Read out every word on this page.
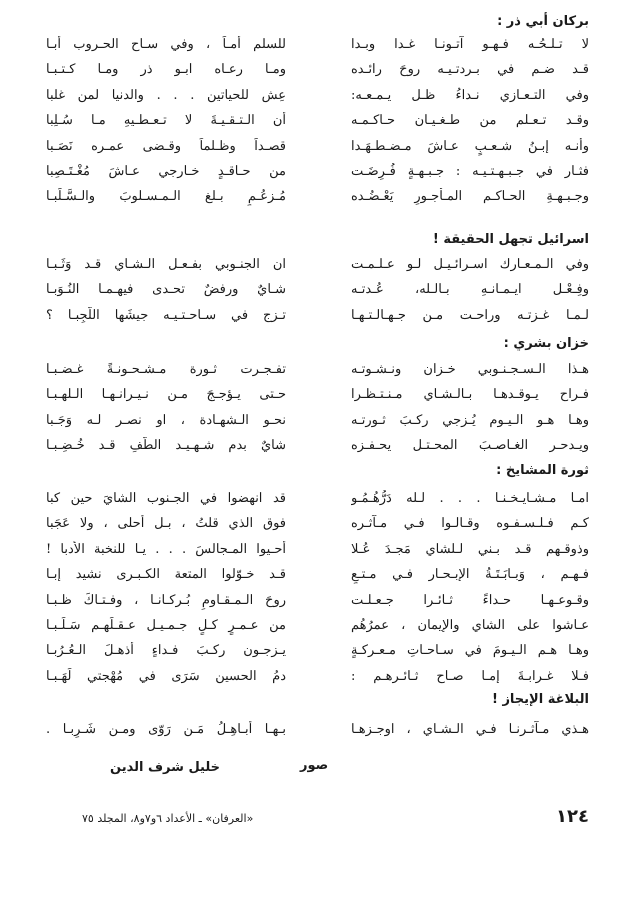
بركان أبي ذر :
لا تـلـحُـه فـهـو آتـونـا غـدا وبـدا
للسلم أمـاً ، وفي سـاح الحـروب أبـا
قـد ضـم في بـردتـيـه روحَ رائـده
ومـا رعـاه ابـو ذر ومـا كـتـبـا
وفي التـعـازي نـداءُ ظـل يـمـعـه:
عِش للحياتين . . . والدنيا لمن غلبا
وقـد تـعـلم من طـغـيـان حـاكـمـه
أن الـتـقـيـةَ لا تـعـطـيهِ مـا سُـلِبا
وأنـه إبـنُ شـعـبٍ عـاشَ مـضـطـهَـدا
قصـداً وظـلماً وقـضى عمـره نَصَـبا
فثـار في جـبـهـتـيـه : جـبـهـةٍ فُـرِضَـت
من حـاقـدٍ خـارجي عـاشَ مُغْـتَـصِبا
وجـبـهـةِ الحـاكـم المـأجـورِ يَعْـضُـده
مُـزعُـمٍ بـلغ الـمـسـلوبَ والـسَّـلَبـا
اسرائيل تجهل الحقيقة !
وفي الـمـعـارك اسـرائـيـل لـو عـلـمـت
ان الجنـوبي بفـعـل الـشـاي قـد وَثَـبـا
وفِـعْـل ايـمـانـهِ بـالـله، عُـدتـه
شـايٌ ورفضٌ تحـدى فيهـمـا النُـوَبـا
لـمـا غـزتـه وراحـت مـن جـهـالـتـهـا
تـزج في سـاحـتـيـه جيشَها اللَّجِبـا ؟
خزان بشري :
هـذا الـسـجـنـوبي خـزان ونـشـوتـه
تفـجـرت ثـورة مـشـحـونـةً غـضـبـا
فـراح يـوقـدهـا بـالـشـاي مـنـتـظـرا
حـتى يـؤجـجَ مـن نـيـرانـهـا الـلهـبـا
وهـا هـو الـيـوم يُـزجي ركـبَ ثـورتـه
نحـو الـشهـادة ، او نصـر لـه وَجَـبا
ويـدحـر الغـاصـبَ المحـتـل يحـفـزه
شايٌ بدم شـهـيـد الطَّفِ قـد خُـضِـبـا
ثورة المشايخ :
امـا مـشـايـخـنـا . . . لـله دَرُّهُـمُـو
قد انهضوا في الجـنوب الشايَ حين كبا
كـم فـلـسـفـوه وقـالـوا فـي مـآثـره
فوق الذي قلتُ ، بـل أحلى ، ولا عَجَبا
وذوقـهم قـد بـني لـلشاي مَجـدَ عُـلا
أحـيوا المـجالسَ . . . يـا للنخبة الأدبا !
فـهـم ، وَبـابَـتَـةُ الإبـحـار فـي مـتـعٍ
قـد خـوّلوا المتعة الكـبـرى نشيد إبـا
وقـوعـهـا حـداءً ثـائـرا جـعـلـت
روحَ الـمـقـاومِ بُـركـانـا ، وفـتـاكَ ظـبـا
عـاشوا على الشاي والإيمان ، عمرُهُم
من عـمـرٍ كـلٍ جـمـيـل عـقـلَهـم سَـلَـبـا
وهـا هـم الـيـومَ في سـاحـاتِ مـعـركـةٍ
يـزجـون ركـبَ فـداءٍ أذهـلَ الـعُـرُبـا
فـلا غـرابـةَ إمـا صـاح ثـائـرهـم :
دمُ الحسين سَرَى في مُهْجتي لَهَـبـا
البلاغة الإيجاز !
هـذي مـآثـرنـا فـي الـشـاي ، اوجـزهـا
بـهـا أبـاهِـلُ مَـن رَوّى ومـن شَـرِبـا .
خليل شرف الدين	صور
١٢٤
«العرفان» ـ الأعداد ٦و٧و٨، المجلد ٧٥
